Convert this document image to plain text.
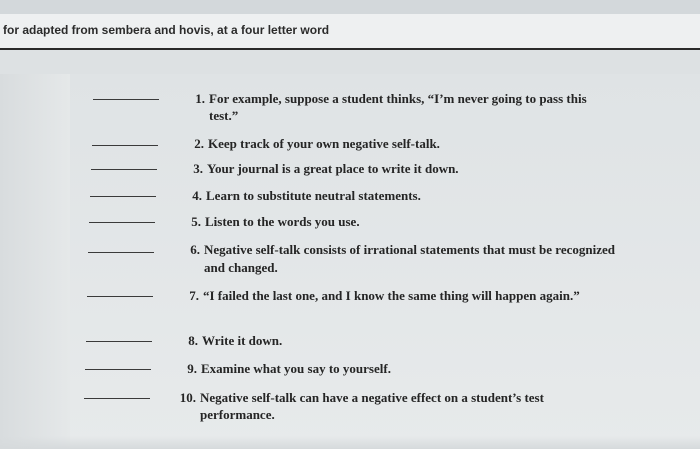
for adapted from sembera and hovis, at a four letter word
1. For example, suppose a student thinks, “I’m never going to pass this
test.”
2. Keep track of your own negative self-talk.
3. Your journal is a great place to write it down.
4. Learn to substitute neutral statements.
5. Listen to the words you use.
6. Negative self-talk consists of irrational statements that must be recognized
and changed.
7. “I failed the last one, and I know the same thing will happen again.”
8. Write it down.
9. Examine what you say to yourself.
10. Negative self-talk can have a negative effect on a student’s test
performance.
